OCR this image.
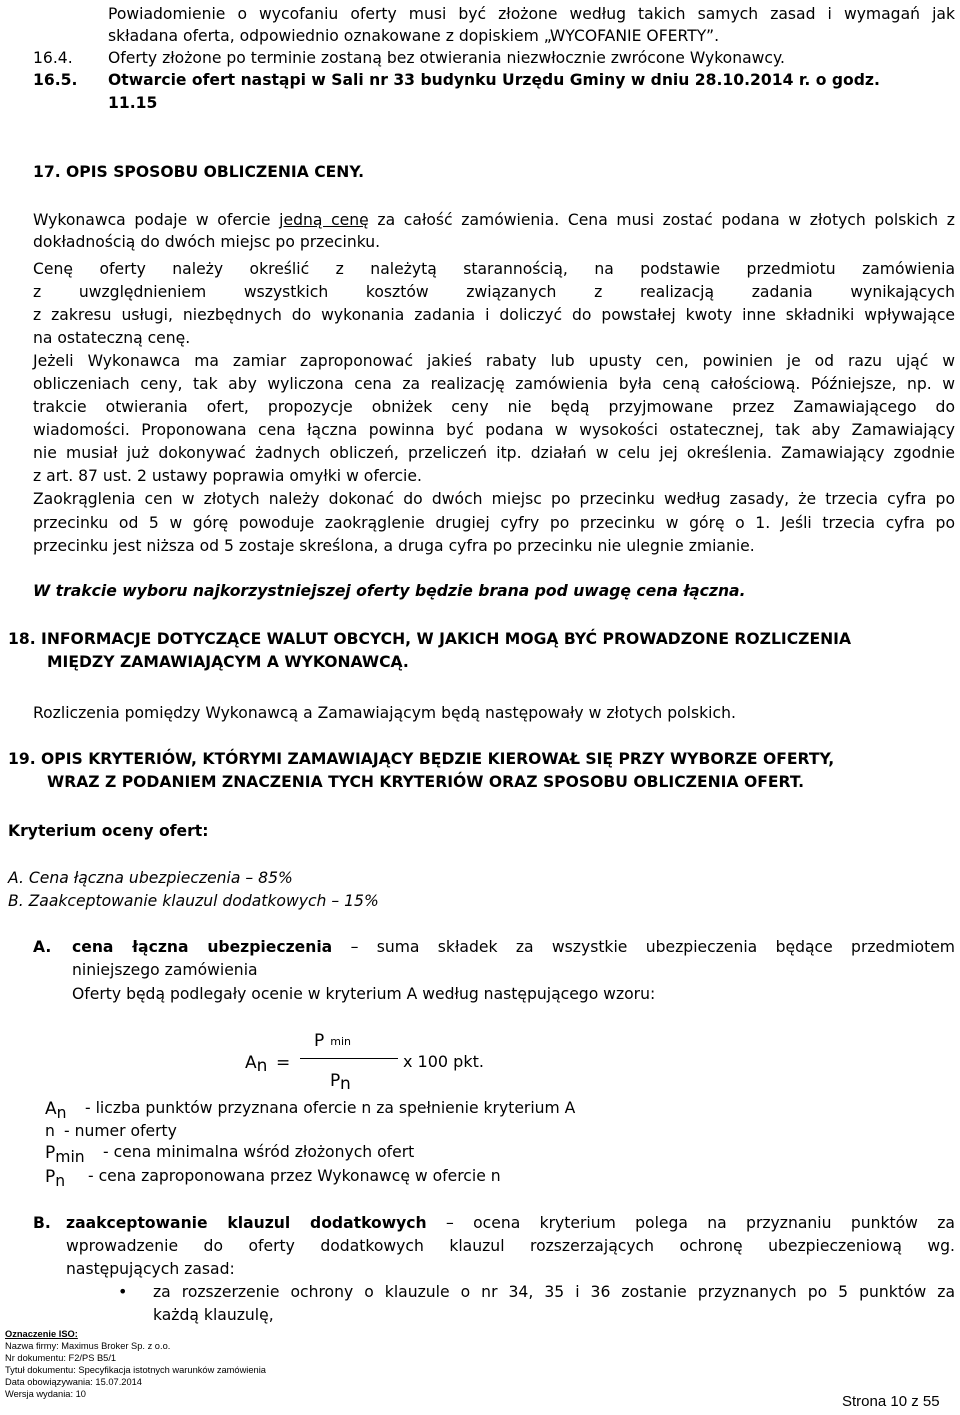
Powiadomienie o wycofaniu oferty musi być złożone według takich samych zasad i wymagań jak
składana oferta, odpowiednio oznakowane z dopiskiem „WYCOFANIE OFERTY”.
16.4. Oferty złożone po terminie zostaną bez otwierania niezwłocznie zwrócone Wykonawcy.
16.5. Otwarcie ofert nastąpi w Sali nr 33 budynku Urzędu Gminy w dniu 28.10.2014 r. o godz.
11.15
17. OPIS SPOSOBU OBLICZENIA CENY.
Wykonawca podaje w ofercie jedną cenę za całość zamówienia. Cena musi zostać podana w złotych polskich z
dokładnością do dwóch miejsc po przecinku.
Cenę oferty należy określić z należytą starannością, na podstawie przedmiotu zamówienia
z uwzględnieniem wszystkich kosztów związanych z realizacją zadania wynikających
z zakresu usługi, niezbędnych do wykonania zadania i doliczyć do powstałej kwoty inne składniki wpływające
na ostateczną cenę.
Jeżeli Wykonawca ma zamiar zaproponować jakieś rabaty lub upusty cen, powinien je od razu ująć w
obliczeniach ceny, tak aby wyliczona cena za realizację zamówienia była ceną całościową. Późniejsze, np. w
trakcie otwierania ofert, propozycje obniżek ceny nie będą przyjmowane przez Zamawiającego do
wiadomości. Proponowana cena łączna powinna być podana w wysokości ostatecznej, tak aby Zamawiający
nie musiał już dokonywać żadnych obliczeń, przeliczeń itp. działań w celu jej określenia. Zamawiający zgodnie
z art. 87 ust. 2 ustawy poprawia omyłki w ofercie.
Zaokrąglenia cen w złotych należy dokonać do dwóch miejsc po przecinku według zasady, że trzecia cyfra po
przecinku od 5 w górę powoduje zaokrąglenie drugiej cyfry po przecinku w górę o 1. Jeśli trzecia cyfra po
przecinku jest niższa od 5 zostaje skreślona, a druga cyfra po przecinku nie ulegnie zmianie.
W trakcie wyboru najkorzystniejszej oferty będzie brana pod uwagę cena łączna.
18. INFORMACJE DOTYCZĄCE WALUT OBCYCH, W JAKICH MOGĄ BYĆ PROWADZONE ROZLICZENIA
MIĘDZY ZAMAWIAJĄCYM A WYKONAWCĄ.
Rozliczenia pomiędzy Wykonawcą a Zamawiającym będą następowały w złotych polskich.
19. OPIS KRYTERIÓW, KTÓRYMI ZAMAWIAJĄCY BĘDZIE KIEROWAŁ SIĘ PRZY WYBORZE OFERTY,
WRAZ Z PODANIEM ZNACZENIA TYCH KRYTERIÓW ORAZ SPOSOBU OBLICZENIA OFERT.
Kryterium oceny ofert:
A. Cena łączna ubezpieczenia – 85%
B. Zaakceptowanie klauzul dodatkowych – 15%
A. cena łączna ubezpieczenia – suma składek za wszystkie ubezpieczenia będące przedmiotem
niniejszego zamówienia
Oferty będą podlegały ocenie w kryterium A według następującego wzoru:
An =
Pmin
Pn
x 100 pkt.
An - liczba punktów przyznana ofercie n za spełnienie kryterium A
n - numer oferty
Pmin - cena minimalna wśród złożonych ofert
Pn - cena zaproponowana przez Wykonawcę w ofercie n
B. zaakceptowanie klauzul dodatkowych – ocena kryterium polega na przyznaniu punktów za
wprowadzenie do oferty dodatkowych klauzul rozszerzających ochronę ubezpieczeniową wg.
następujących zasad:
• za rozszerzenie ochrony o klauzule o nr 34, 35 i 36 zostanie przyznanych po 5 punktów za
każdą klauzulę,
Oznaczenie ISO:
Nazwa firmy: Maximus Broker Sp. z o.o.
Nr dokumentu: F2/PS B5/1
Tytuł dokumentu: Specyfikacja istotnych warunków zamówienia
Data obowiązywania: 15.07.2014
Wersja wydania: 10	Strona 10 z 55
